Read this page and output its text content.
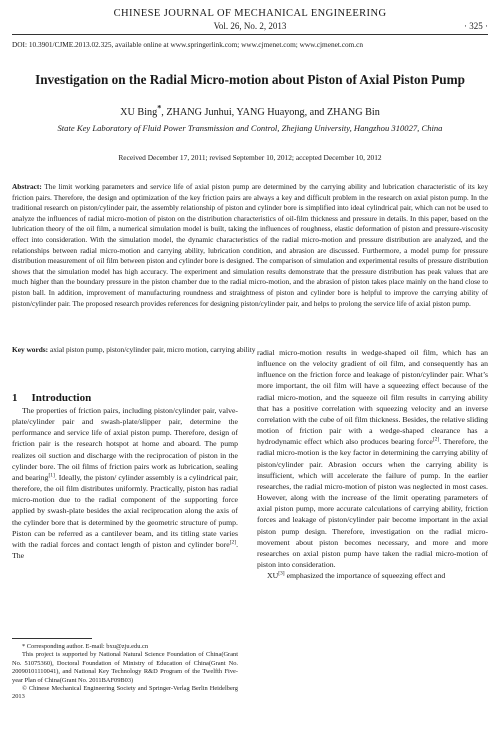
CHINESE JOURNAL OF MECHANICAL ENGINEERING
Vol. 26, No. 2, 2013	· 325 ·
DOI: 10.3901/CJME.2013.02.325, available online at www.springerlink.com; www.cjmenet.com; www.cjmenet.com.cn
Investigation on the Radial Micro-motion about Piston of Axial Piston Pump
XU Bing*, ZHANG Junhui, YANG Huayong, and ZHANG Bin
State Key Laboratory of Fluid Power Transmission and Control, Zhejiang University, Hangzhou 310027, China
Received December 17, 2011; revised September 10, 2012; accepted December 10, 2012
Abstract: The limit working parameters and service life of axial piston pump are determined by the carrying ability and lubrication characteristic of its key friction pairs. Therefore, the design and optimization of the key friction pairs are always a key and difficult problem in the research on axial piston pump. In the traditional research on piston/cylinder pair, the assembly relationship of piston and cylinder bore is simplified into ideal cylindrical pair, which can not be used to analyze the influences of radial micro-motion of piston on the distribution characteristics of oil-film thickness and pressure in details. In this paper, based on the lubrication theory of the oil film, a numerical simulation model is built, taking the influences of roughness, elastic deformation of piston and pressure-viscosity effect into consideration. With the simulation model, the dynamic characteristics of the radial micro-motion and pressure distribution are analyzed, and the relationships between radial micro-motion and carrying ability, lubrication condition, and abrasion are discussed. Furthermore, a model pump for pressure distribution measurement of oil film between piston and cylinder bore is designed. The comparison of simulation and experimental results of pressure distribution shows that the simulation model has high accuracy. The experiment and simulation results demonstrate that the pressure distribution has peak values that are much higher than the boundary pressure in the piston chamber due to the radial micro-motion, and the abrasion of piston takes place mainly on the hand close to piston ball. In addition, improvement of manufacturing roundness and straightness of piston and cylinder bore is helpful to improve the carrying ability of piston/cylinder pair. The proposed research provides references for designing piston/cylinder pair, and helps to prolong the service life of axial piston pump.
Key words: axial piston pump, piston/cylinder pair, micro motion, carrying ability
1 Introduction

The properties of friction pairs, including piston/cylinder pair, valve-plate/cylinder pair and swash-plate/slipper pair, determine the performance and service life of axial piston pump. Therefore, design of friction pair is the research hotspot at home and aboard. The pump realizes oil suction and discharge with the reciprocation of piston in the cylinder bore. The oil films of friction pairs work as lubrication, sealing and bearing[1]. Ideally, the piston/ cylinder assembly is a cylindrical pair, therefore, the oil film distributes uniformly. Practically, piston has radial micro-motion due to the radial component of the supporting force applied by swash-plate besides the axial reciprocation along the axis of the cylinder bore that is determined by the geometric structure of pump. Piston can be referred as a cantilever beam, and its titling state varies with the radial forces and contact length of piston and cylinder bore[2]. The

* Corresponding author. E-mail: bxu@zju.edu.cn

This project is supported by National Natural Science Foundation of China(Grant No. 51075360), Doctoral Foundation of Ministry of Education of China(Grant No. 20090101110041), and National Key Technology R&D Program of the Twelfth Five-year Plan of China(Grant No. 2011BAF09B03)

© Chinese Mechanical Engineering Society and Springer-Verlag Berlin Heidelberg 2013

radial micro-motion results in wedge-shaped oil film, which has an influence on the velocity gradient of oil film, and consequently has an influence on the friction force and leakage of piston/cylinder pair. What’s more important, the oil film will have a squeezing effect because of the radial micro-motion, and the squeeze oil film results in carrying ability that has a positive correlation with squeezing velocity and an inverse correlation with the cube of oil film thickness. Besides, the relative sliding motion of friction pair with a wedge-shaped clearance has a hydrodynamic effect which also produces bearing force[2]. Therefore, the radial micro-motion is the key factor in determining the carrying ability of piston/cylinder pair. Abrasion occurs when the carrying ability is insufficient, which will accelerate the failure of pump. In the earlier researches, the radial micro-motion of piston was neglected in most cases. However, along with the increase of the limit operating parameters of axial piston pump, more accurate calculations of carrying ability, friction forces and leakage of piston/cylinder pair become important in the axial piston pump design. Therefore, investigation on the radial micro-movement about piston becomes necessary, and more and more researches on axial piston pump have taken the radial micro-motion of piston into consideration.

XU[3] emphasized the importance of squeezing effect and
